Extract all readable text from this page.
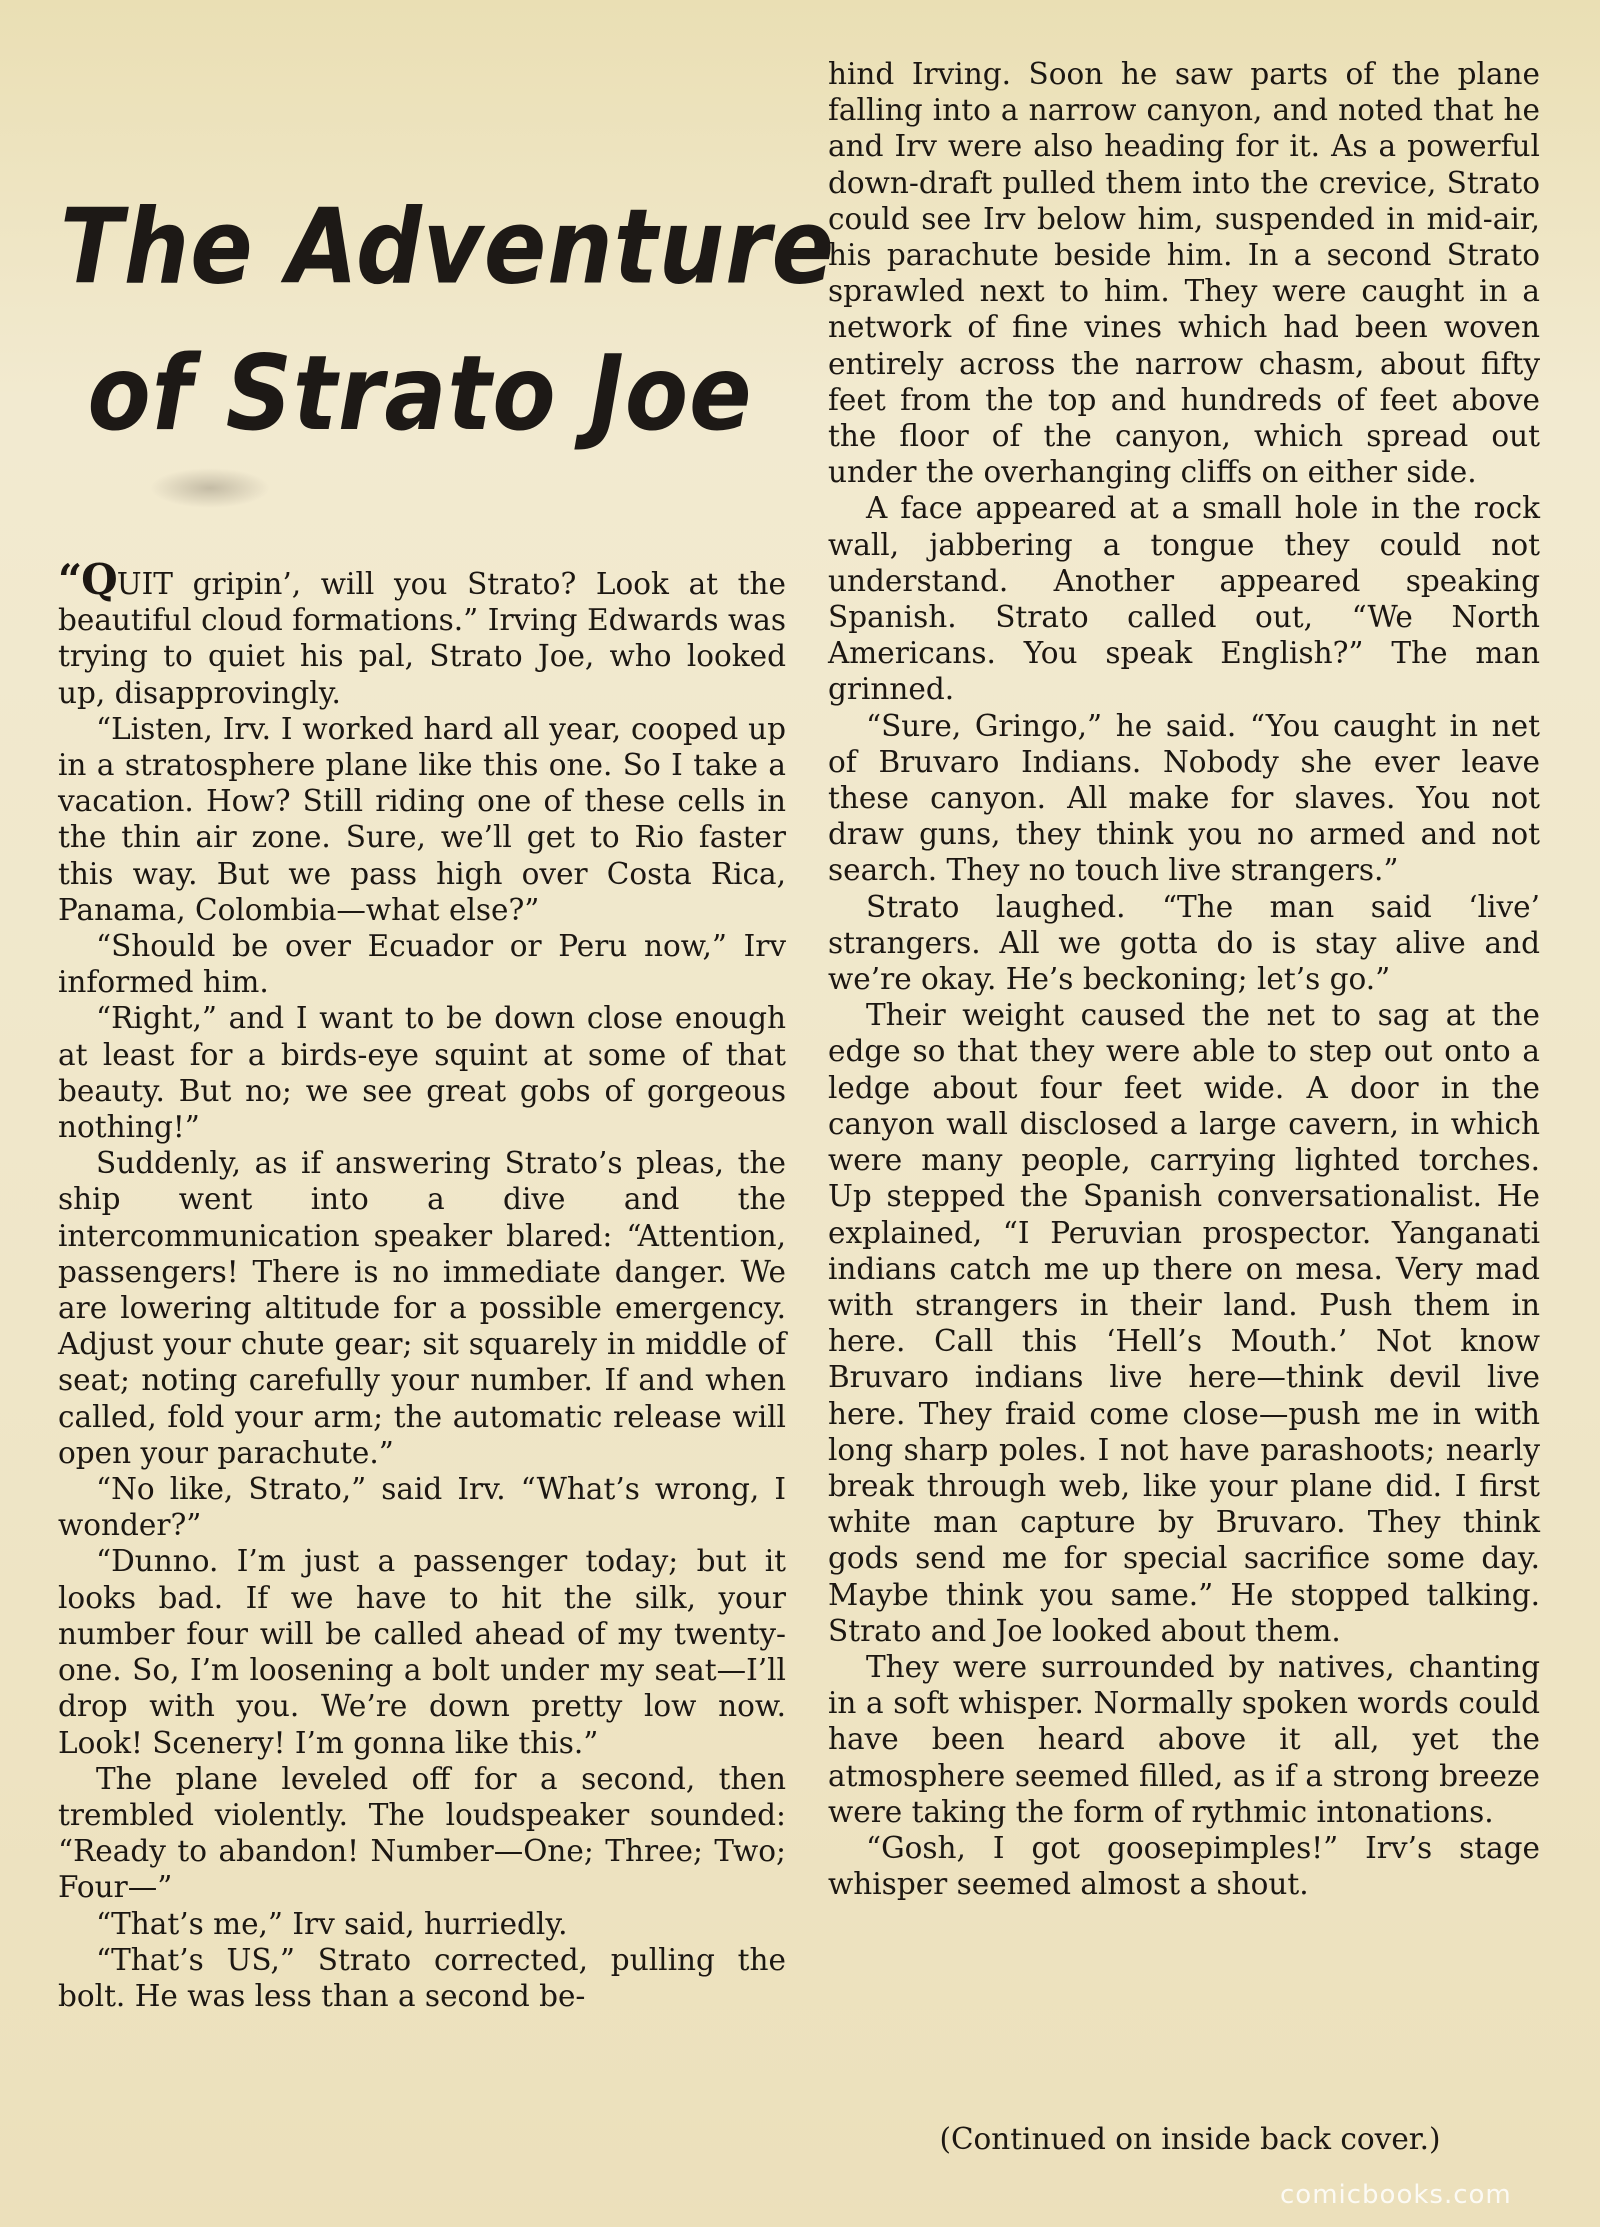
The Adventure
of Strato Joe

“QUIT gripin’, will you Strato? Look at the beautiful cloud formations.” Irving Edwards was trying to quiet his pal, Strato Joe, who looked up, disapprovingly.

“Listen, Irv. I worked hard all year, cooped up in a stratosphere plane like this one. So I take a vacation. How? Still riding one of these cells in the thin air zone. Sure, we’ll get to Rio faster this way. But we pass high over Costa Rica, Panama, Colombia—what else?”

“Should be over Ecuador or Peru now,” Irv informed him.

“Right,” and I want to be down close enough at least for a birds-eye squint at some of that beauty. But no; we see great gobs of gorgeous nothing!”

Suddenly, as if answering Strato’s pleas, the ship went into a dive and the intercommunication speaker blared: “Attention, passengers! There is no immediate danger. We are lowering altitude for a possible emergency. Adjust your chute gear; sit squarely in middle of seat; noting carefully your number. If and when called, fold your arm; the automatic release will open your parachute.”

“No like, Strato,” said Irv. “What’s wrong, I wonder?”

“Dunno. I’m just a passenger today; but it looks bad. If we have to hit the silk, your number four will be called ahead of my twenty-one. So, I’m loosening a bolt under my seat—I’ll drop with you. We’re down pretty low now. Look! Scenery! I’m gonna like this.”

The plane leveled off for a second, then trembled violently. The loudspeaker sounded: “Ready to abandon! Number—One; Three; Two; Four—”

“That’s me,” Irv said, hurriedly.

“That’s US,” Strato corrected, pulling the bolt. He was less than a second be-

hind Irving. Soon he saw parts of the plane falling into a narrow canyon, and noted that he and Irv were also heading for it. As a powerful down-draft pulled them into the crevice, Strato could see Irv below him, suspended in mid-air, his parachute beside him. In a second Strato sprawled next to him. They were caught in a network of fine vines which had been woven entirely across the narrow chasm, about fifty feet from the top and hundreds of feet above the floor of the canyon, which spread out under the overhanging cliffs on either side.

A face appeared at a small hole in the rock wall, jabbering a tongue they could not understand. Another appeared speaking Spanish. Strato called out, “We North Americans. You speak English?” The man grinned.

“Sure, Gringo,” he said. “You caught in net of Bruvaro Indians. Nobody she ever leave these canyon. All make for slaves. You not draw guns, they think you no armed and not search. They no touch live strangers.”

Strato laughed. “The man said ‘live’ strangers. All we gotta do is stay alive and we’re okay. He’s beckoning; let’s go.”

Their weight caused the net to sag at the edge so that they were able to step out onto a ledge about four feet wide. A door in the canyon wall disclosed a large cavern, in which were many people, carrying lighted torches. Up stepped the Spanish conversationalist. He explained, “I Peruvian prospector. Yanganati indians catch me up there on mesa. Very mad with strangers in their land. Push them in here. Call this ‘Hell’s Mouth.’ Not know Bruvaro indians live here—think devil live here. They fraid come close—push me in with long sharp poles. I not have parashoots; nearly break through web, like your plane did. I first white man capture by Bruvaro. They think gods send me for special sacrifice some day. Maybe think you same.” He stopped talking. Strato and Joe looked about them.

They were surrounded by natives, chanting in a soft whisper. Normally spoken words could have been heard above it all, yet the atmosphere seemed filled, as if a strong breeze were taking the form of rythmic intonations.

“Gosh, I got goosepimples!” Irv’s stage whisper seemed almost a shout.

(Continued on inside back cover.)
comicbooks.com
